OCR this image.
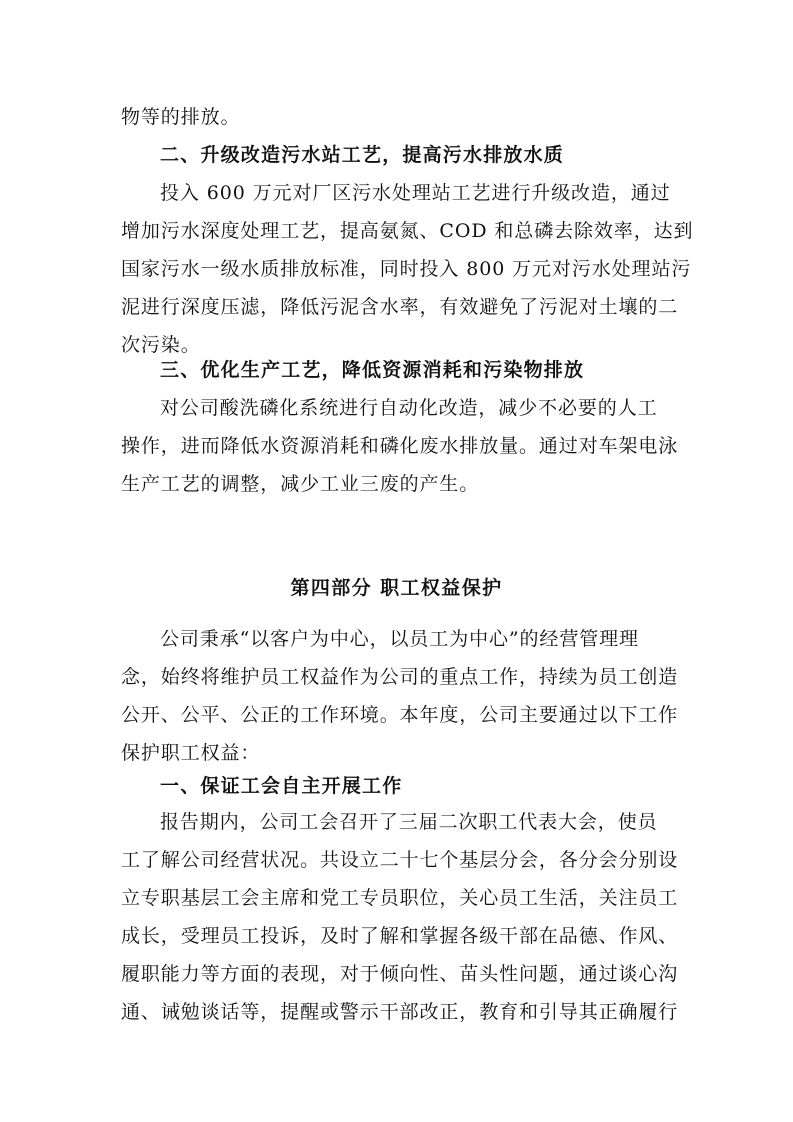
物等的排放。
二、升级改造污水站工艺，提高污水排放水质
投入 600 万元对厂区污水处理站工艺进行升级改造，通过
增加污水深度处理工艺，提高氨氮、COD 和总磷去除效率，达到
国家污水一级水质排放标准，同时投入 800 万元对污水处理站污
泥进行深度压滤，降低污泥含水率，有效避免了污泥对土壤的二
次污染。
三、优化生产工艺，降低资源消耗和污染物排放
对公司酸洗磷化系统进行自动化改造，减少不必要的人工
操作，进而降低水资源消耗和磷化废水排放量。通过对车架电泳
生产工艺的调整，减少工业三废的产生。
第四部分 职工权益保护
公司秉承“以客户为中心，以员工为中心”的经营管理理
念，始终将维护员工权益作为公司的重点工作，持续为员工创造
公开、公平、公正的工作环境。本年度，公司主要通过以下工作
保护职工权益：
一、保证工会自主开展工作
报告期内，公司工会召开了三届二次职工代表大会，使员
工了解公司经营状况。共设立二十七个基层分会，各分会分别设
立专职基层工会主席和党工专员职位，关心员工生活，关注员工
成长，受理员工投诉，及时了解和掌握各级干部在品德、作风、
履职能力等方面的表现，对于倾向性、苗头性问题，通过谈心沟
通、诫勉谈话等，提醒或警示干部改正，教育和引导其正确履行
